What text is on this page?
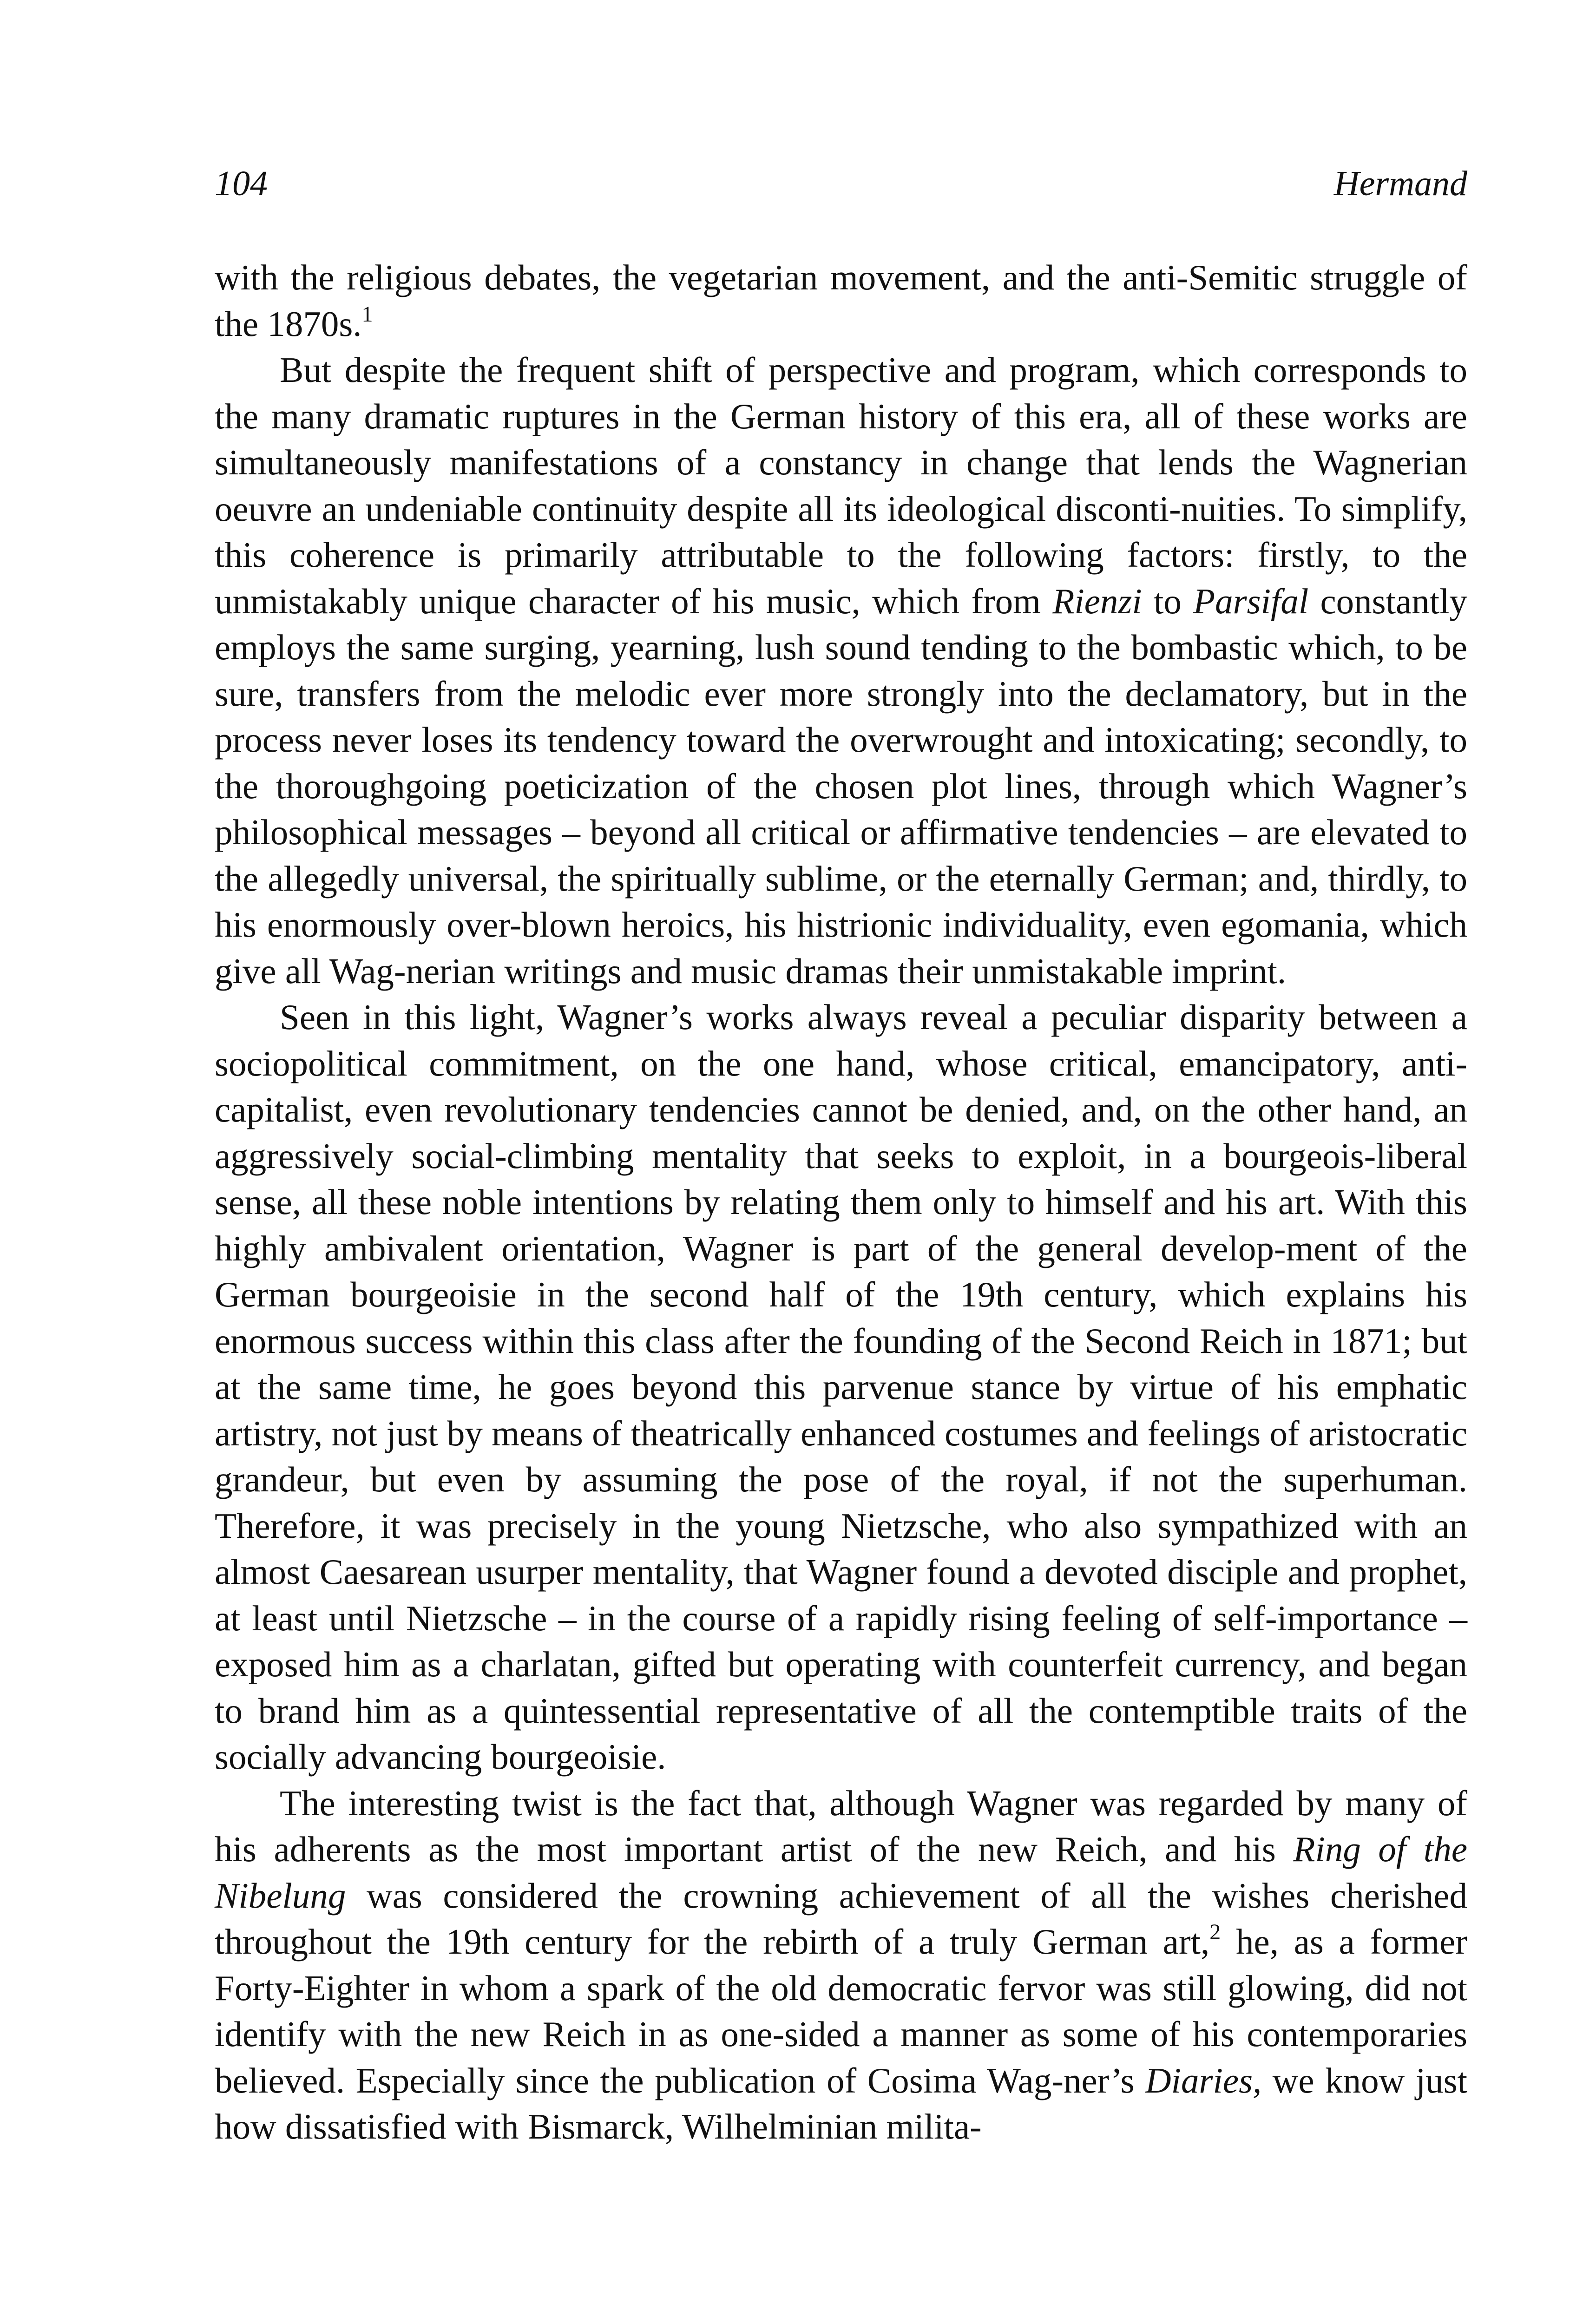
104	Hermand

with the religious debates, the vegetarian movement, and the anti-Semitic struggle of the 1870s.$^1$

But despite the frequent shift of perspective and program, which corresponds to the many dramatic ruptures in the German history of this era, all of these works are simultaneously manifestations of a constancy in change that lends the Wagnerian oeuvre an undeniable continuity despite all its ideological disconti-nuities. To simplify, this coherence is primarily attributable to the following factors: firstly, to the unmistakably unique character of his music, which from Rienzi to Parsifal constantly employs the same surging, yearning, lush sound tending to the bombastic which, to be sure, transfers from the melodic ever more strongly into the declamatory, but in the process never loses its tendency toward the overwrought and intoxicating; secondly, to the thoroughgoing poeticization of the chosen plot lines, through which Wagner’s philosophical messages – beyond all critical or affirmative tendencies – are elevated to the allegedly universal, the spiritually sublime, or the eternally German; and, thirdly, to his enormously over-blown heroics, his histrionic individuality, even egomania, which give all Wag-nerian writings and music dramas their unmistakable imprint.

Seen in this light, Wagner’s works always reveal a peculiar disparity between a sociopolitical commitment, on the one hand, whose critical, emancipatory, anti-capitalist, even revolutionary tendencies cannot be denied, and, on the other hand, an aggressively social-climbing mentality that seeks to exploit, in a bourgeois-liberal sense, all these noble intentions by relating them only to himself and his art. With this highly ambivalent orientation, Wagner is part of the general develop-ment of the German bourgeoisie in the second half of the 19th century, which explains his enormous success within this class after the founding of the Second Reich in 1871; but at the same time, he goes beyond this parvenue stance by virtue of his emphatic artistry, not just by means of theatrically enhanced costumes and feelings of aristocratic grandeur, but even by assuming the pose of the royal, if not the superhuman. Therefore, it was precisely in the young Nietzsche, who also sympathized with an almost Caesarean usurper mentality, that Wagner found a devoted disciple and prophet, at least until Nietzsche – in the course of a rapidly rising feeling of self-importance – exposed him as a charlatan, gifted but operating with counterfeit currency, and began to brand him as a quintessential representative of all the contemptible traits of the socially advancing bourgeoisie.

The interesting twist is the fact that, although Wagner was regarded by many of his adherents as the most important artist of the new Reich, and his Ring of the Nibelung was considered the crowning achievement of all the wishes cherished throughout the 19th century for the rebirth of a truly German art,$^2$ he, as a former Forty-Eighter in whom a spark of the old democratic fervor was still glowing, did not identify with the new Reich in as one-sided a manner as some of his contemporaries believed. Especially since the publication of Cosima Wag-ner’s Diaries, we know just how dissatisfied with Bismarck, Wilhelminian milita-
